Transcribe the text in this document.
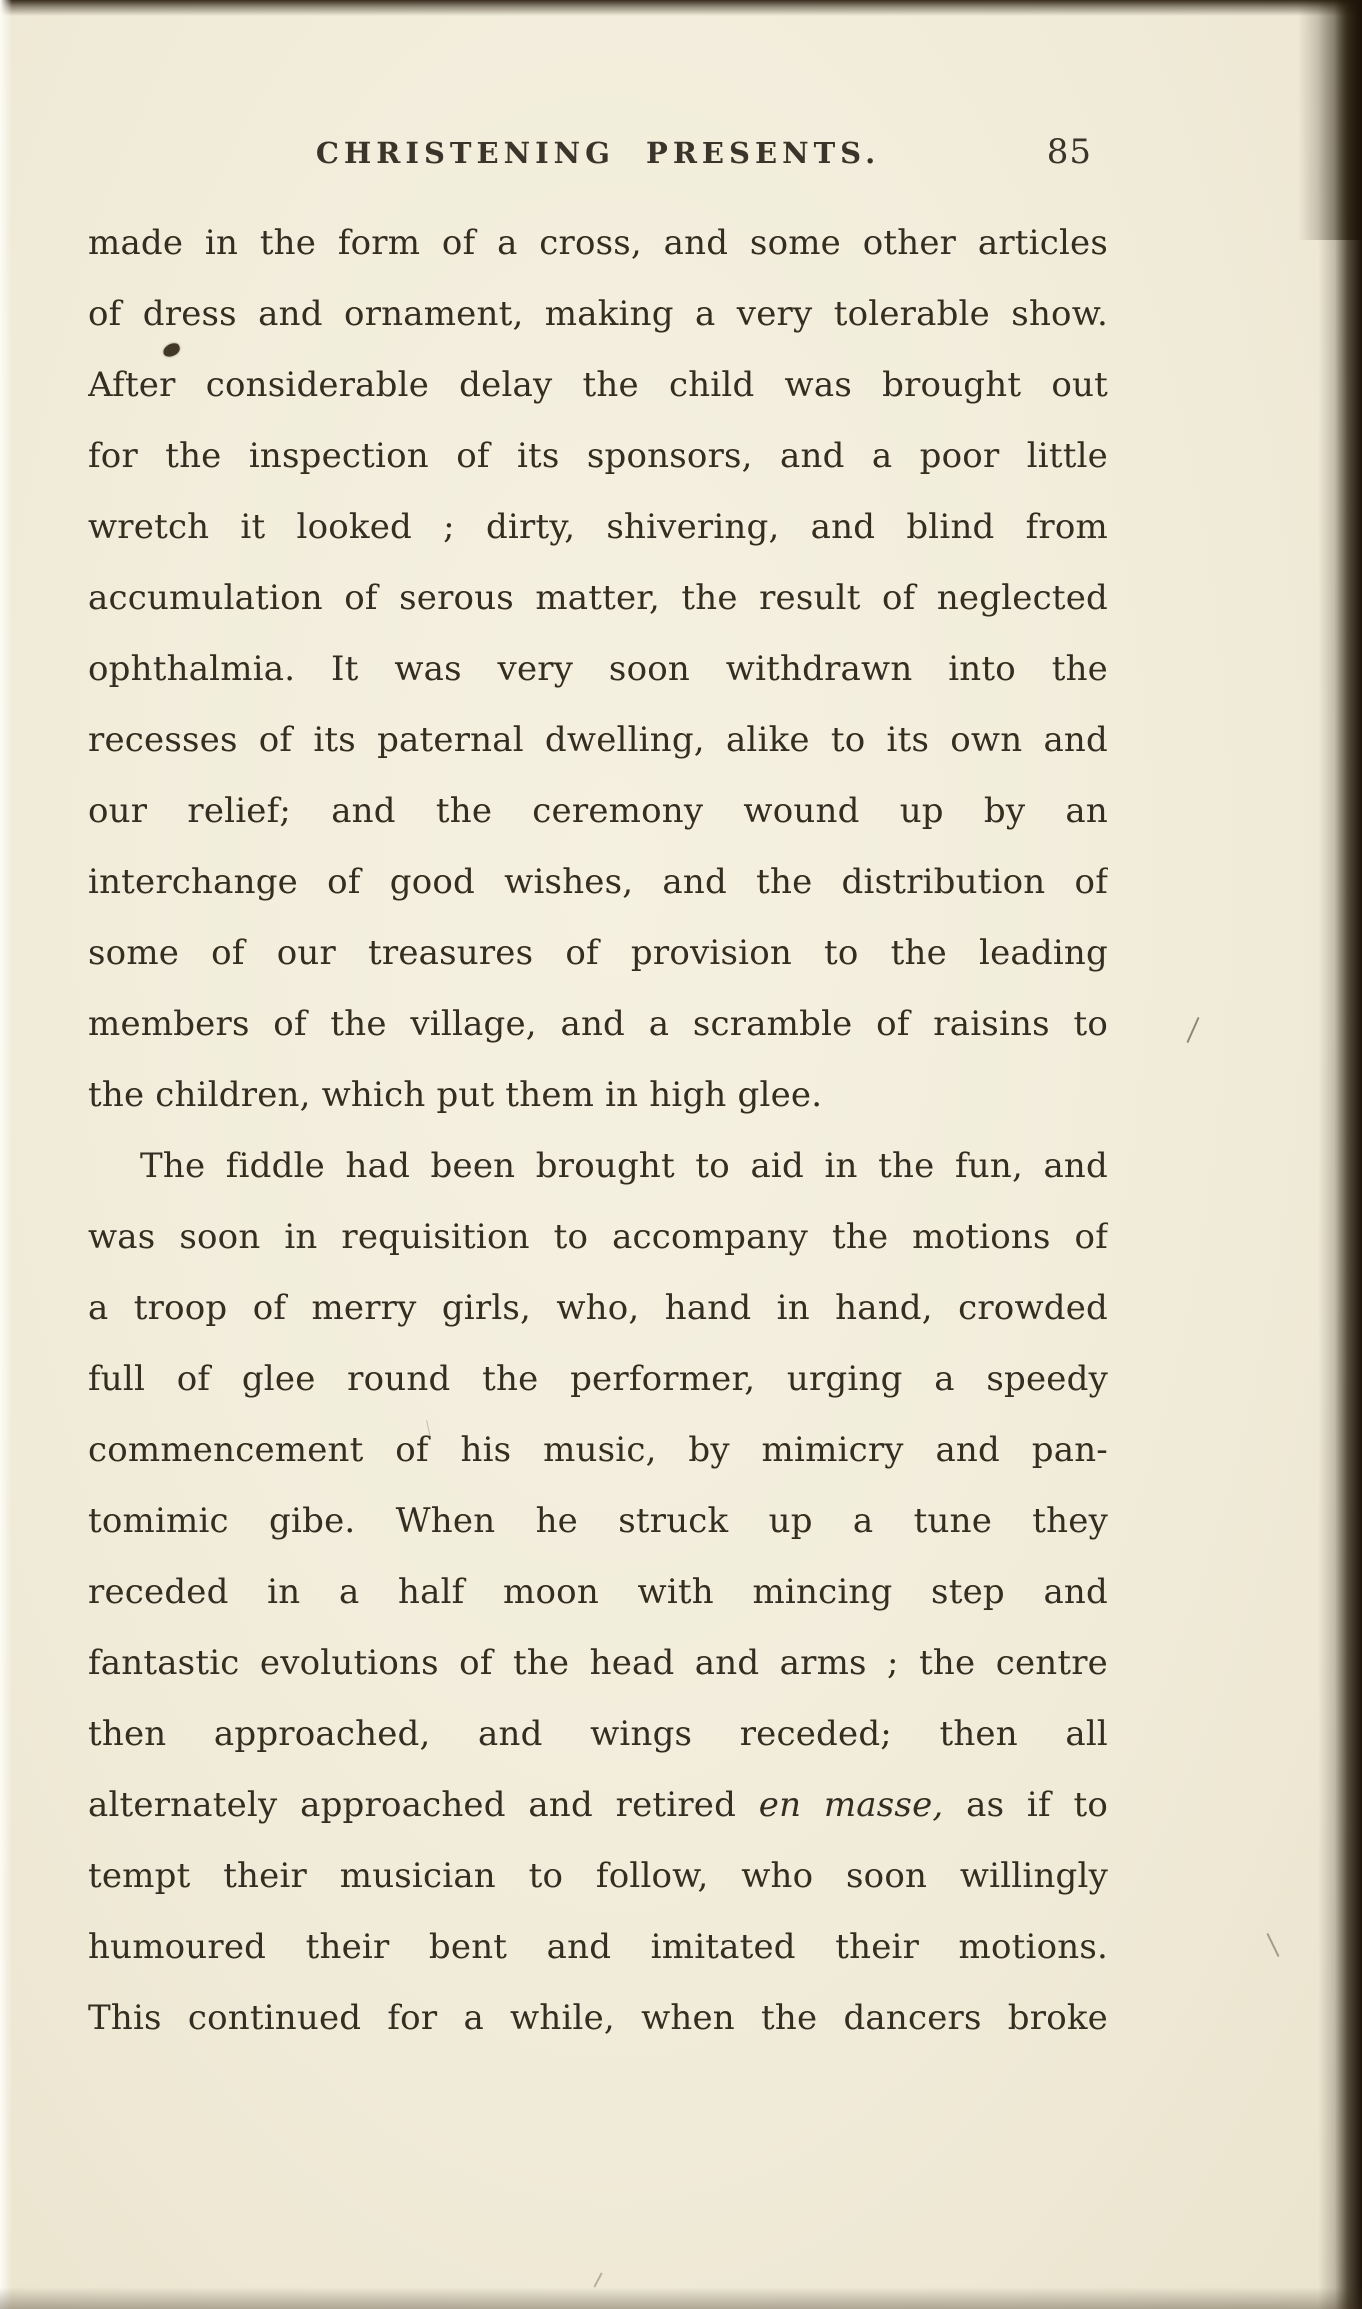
CHRISTENING PRESENTS.	85
made in the form of a cross, and some other articles
of dress and ornament, making a very tolerable show.
After considerable delay the child was brought out
for the inspection of its sponsors, and a poor little
wretch it looked ; dirty, shivering, and blind from
accumulation of serous matter, the result of neglected
ophthalmia. It was very soon withdrawn into the
recesses of its paternal dwelling, alike to its own and
our relief; and the ceremony wound up by an
interchange of good wishes, and the distribution of
some of our treasures of provision to the leading
members of the village, and a scramble of raisins to
the children, which put them in high glee.
The fiddle had been brought to aid in the fun, and
was soon in requisition to accompany the motions of
a troop of merry girls, who, hand in hand, crowded
full of glee round the performer, urging a speedy
commencement of his music, by mimicry and pan-
tomimic gibe. When he struck up a tune they
receded in a half moon with mincing step and
fantastic evolutions of the head and arms ; the centre
then approached, and wings receded; then all
alternately approached and retired en masse, as if to
tempt their musician to follow, who soon willingly
humoured their bent and imitated their motions.
This continued for a while, when the dancers broke
